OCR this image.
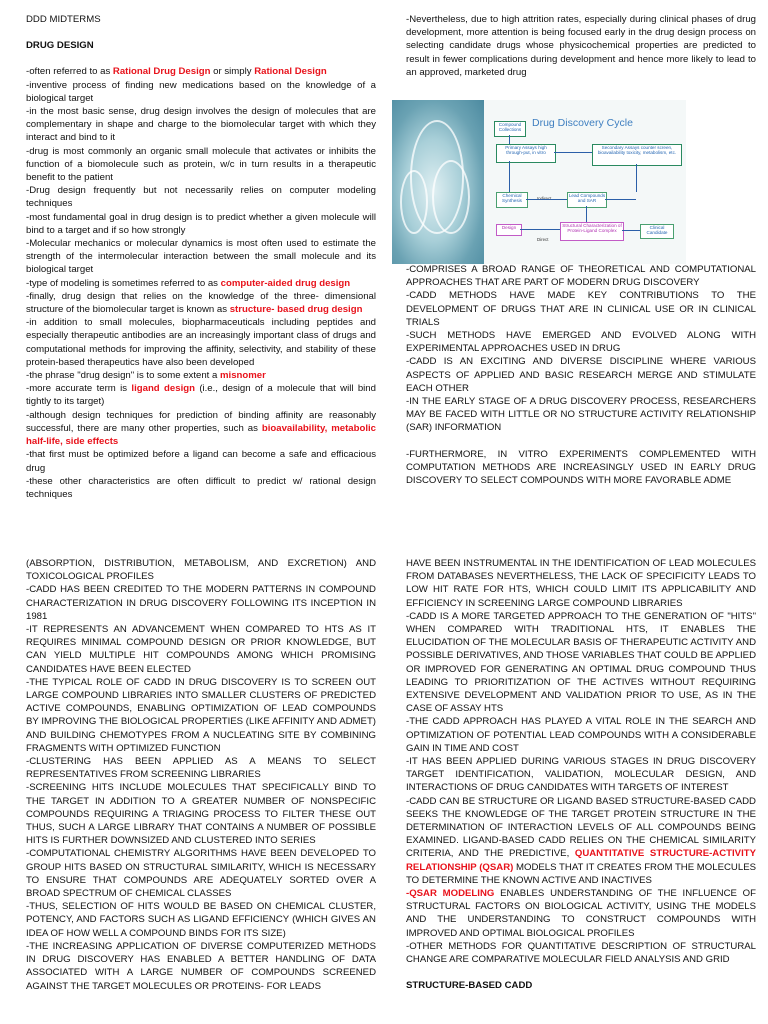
DDD MIDTERMS

DRUG DESIGN

-often referred to as Rational Drug Design or simply Rational Design

-inventive process of finding new medications based on the knowledge of a biological target

-in the most basic sense, drug design involves the design of molecules that are complementary in shape and charge to the biomolecular target with which they interact and bind to it

-drug is most commonly an organic small molecule that activates or inhibits the function of a biomolecule such as protein, w/c in turn results in a therapeutic benefit to the patient

-Drug design frequently but not necessarily relies on computer modeling techniques

-most fundamental goal in drug design is to predict whether a given molecule will bind to a target and if so how strongly

-Molecular mechanics or molecular dynamics is most often used to estimate the strength of the intermolecular interaction between the small molecule and its biological target

-type of modeling is sometimes referred to as computer-aided drug design

-finally, drug design that relies on the knowledge of the three- dimensional structure of the biomolecular target is known as structure- based drug design

-in addition to small molecules, biopharmaceuticals including peptides and especially therapeutic antibodies are an increasingly important class of drugs and computational methods for improving the affinity, selectivity, and stability of these protein-based therapeutics have also been developed

-the phrase "drug design" is to some extent a misnomer

-more accurate term is ligand design (i.e., design of a molecule that will bind tightly to its target)

-although design techniques for prediction of binding affinity are reasonably successful, there are many other properties, such as bioavailability, metabolic half-life, side effects

-that first must be optimized before a ligand can become a safe and efficacious drug

-these other characteristics are often difficult to predict w/ rational design techniques

-Nevertheless, due to high attrition rates, especially during clinical phases of drug development, more attention is being focused early in the drug design process on selecting candidate drugs whose physicochemical properties are predicted to result in fewer complications during development and hence more likely to lead to an approved, marketed drug

-COMPRISES A BROAD RANGE OF THEORETICAL AND COMPUTATIONAL APPROACHES THAT ARE PART OF MODERN DRUG DISCOVERY

-CADD METHODS HAVE MADE KEY CONTRIBUTIONS TO THE DEVELOPMENT OF DRUGS THAT ARE IN CLINICAL USE OR IN CLINICAL TRIALS

-SUCH METHODS HAVE EMERGED AND EVOLVED ALONG WITH EXPERIMENTAL APPROACHES USED IN DRUG

-CADD IS AN EXCITING AND DIVERSE DISCIPLINE WHERE VARIOUS ASPECTS OF APPLIED AND BASIC RESEARCH MERGE AND STIMULATE EACH OTHER

-IN THE EARLY STAGE OF A DRUG DISCOVERY PROCESS, RESEARCHERS MAY BE FACED WITH LITTLE OR NO STRUCTURE ACTIVITY RELATIONSHIP (SAR) INFORMATION

-FURTHERMORE, IN VITRO EXPERIMENTS COMPLEMENTED WITH COMPUTATION METHODS ARE INCREASINGLY USED IN EARLY DRUG DISCOVERY TO SELECT COMPOUNDS WITH MORE FAVORABLE ADME

Drug Discovery Cycle
Compound Collections
Primary Assays high through-put, in vitro
Secondary Assays counter screen, bioavailability toxicity, metabolism, etc.
Chemical Synthesis
Lead Compounds and SAR
Design
Direct
Structural Characterization of Protein-Ligand Complex
Clinical Candidate

(ABSORPTION, DISTRIBUTION, METABOLISM, AND EXCRETION) AND TOXICOLOGICAL PROFILES

-CADD HAS BEEN CREDITED TO THE MODERN PATTERNS IN COMPOUND CHARACTERIZATION IN DRUG DISCOVERY FOLLOWING ITS INCEPTION IN 1981

-IT REPRESENTS AN ADVANCEMENT WHEN COMPARED TO HTS AS IT REQUIRES MINIMAL COMPOUND DESIGN OR PRIOR KNOWLEDGE, BUT CAN YIELD MULTIPLE HIT COMPOUNDS AMONG WHICH PROMISING CANDIDATES HAVE BEEN ELECTED

-THE TYPICAL ROLE OF CADD IN DRUG DISCOVERY IS TO SCREEN OUT LARGE COMPOUND LIBRARIES INTO SMALLER CLUSTERS OF PREDICTED ACTIVE COMPOUNDS, ENABLING OPTIMIZATION OF LEAD COMPOUNDS BY IMPROVING THE BIOLOGICAL PROPERTIES (LIKE AFFINITY AND ADMET) AND BUILDING CHEMOTYPES FROM A NUCLEATING SITE BY COMBINING FRAGMENTS WITH OPTIMIZED FUNCTION

-CLUSTERING HAS BEEN APPLIED AS A MEANS TO SELECT REPRESENTATIVES FROM SCREENING LIBRARIES

-SCREENING HITS INCLUDE MOLECULES THAT SPECIFICALLY BIND TO THE TARGET IN ADDITION TO A GREATER NUMBER OF NONSPECIFIC COMPOUNDS REQUIRING A TRIAGING PROCESS TO FILTER THESE OUT THUS, SUCH A LARGE LIBRARY THAT CONTAINS A NUMBER OF POSSIBLE HITS IS FURTHER DOWNSIZED AND CLUSTERED INTO SERIES

-COMPUTATIONAL CHEMISTRY ALGORITHMS HAVE BEEN DEVELOPED TO GROUP HITS BASED ON STRUCTURAL SIMILARITY, WHICH IS NECESSARY TO ENSURE THAT COMPOUNDS ARE ADEQUATELY SORTED OVER A BROAD SPECTRUM OF CHEMICAL CLASSES

-THUS, SELECTION OF HITS WOULD BE BASED ON CHEMICAL CLUSTER, POTENCY, AND FACTORS SUCH AS LIGAND EFFICIENCY (WHICH GIVES AN IDEA OF HOW WELL A COMPOUND BINDS FOR ITS SIZE)

-THE INCREASING APPLICATION OF DIVERSE COMPUTERIZED METHODS IN DRUG DISCOVERY HAS ENABLED A BETTER HANDLING OF DATA ASSOCIATED WITH A LARGE NUMBER OF COMPOUNDS SCREENED AGAINST THE TARGET MOLECULES OR PROTEINS- FOR LEADS

HAVE BEEN INSTRUMENTAL IN THE IDENTIFICATION OF LEAD MOLECULES FROM DATABASES NEVERTHELESS, THE LACK OF SPECIFICITY LEADS TO LOW HIT RATE FOR HTS, WHICH COULD LIMIT ITS APPLICABILITY AND EFFICIENCY IN SCREENING LARGE COMPOUND LIBRARIES

-CADD IS A MORE TARGETED APPROACH TO THE GENERATION OF "HITS" WHEN COMPARED WITH TRADITIONAL HTS, IT ENABLES THE ELUCIDATION OF THE MOLECULAR BASIS OF THERAPEUTIC ACTIVITY AND POSSIBLE DERIVATIVES, AND THOSE VARIABLES THAT COULD BE APPLIED OR IMPROVED FOR GENERATING AN OPTIMAL DRUG COMPOUND THUS LEADING TO PRIORITIZATION OF THE ACTIVES WITHOUT REQUIRING EXTENSIVE DEVELOPMENT AND VALIDATION PRIOR TO USE, AS IN THE CASE OF ASSAY HTS

-THE CADD APPROACH HAS PLAYED A VITAL ROLE IN THE SEARCH AND OPTIMIZATION OF POTENTIAL LEAD COMPOUNDS WITH A CONSIDERABLE GAIN IN TIME AND COST

-IT HAS BEEN APPLIED DURING VARIOUS STAGES IN DRUG DISCOVERY TARGET IDENTIFICATION, VALIDATION, MOLECULAR DESIGN, AND INTERACTIONS OF DRUG CANDIDATES WITH TARGETS OF INTEREST

-CADD CAN BE STRUCTURE OR LIGAND BASED STRUCTURE-BASED CADD SEEKS THE KNOWLEDGE OF THE TARGET PROTEIN STRUCTURE IN THE DETERMINATION OF INTERACTION LEVELS OF ALL COMPOUNDS BEING EXAMINED. LIGAND-BASED CADD RELIES ON THE CHEMICAL SIMILARITY CRITERIA, AND THE PREDICTIVE, QUANTITATIVE STRUCTURE-ACTIVITY RELATIONSHIP (QSAR) MODELS THAT IT CREATES FROM THE MOLECULES TO DETERMINE THE KNOWN ACTIVE AND INACTIVES

-QSAR MODELING ENABLES UNDERSTANDING OF THE INFLUENCE OF STRUCTURAL FACTORS ON BIOLOGICAL ACTIVITY, USING THE MODELS AND THE UNDERSTANDING TO CONSTRUCT COMPOUNDS WITH IMPROVED AND OPTIMAL BIOLOGICAL PROFILES

-OTHER METHODS FOR QUANTITATIVE DESCRIPTION OF STRUCTURAL CHANGE ARE COMPARATIVE MOLECULAR FIELD ANALYSIS AND GRID

STRUCTURE-BASED CADD
